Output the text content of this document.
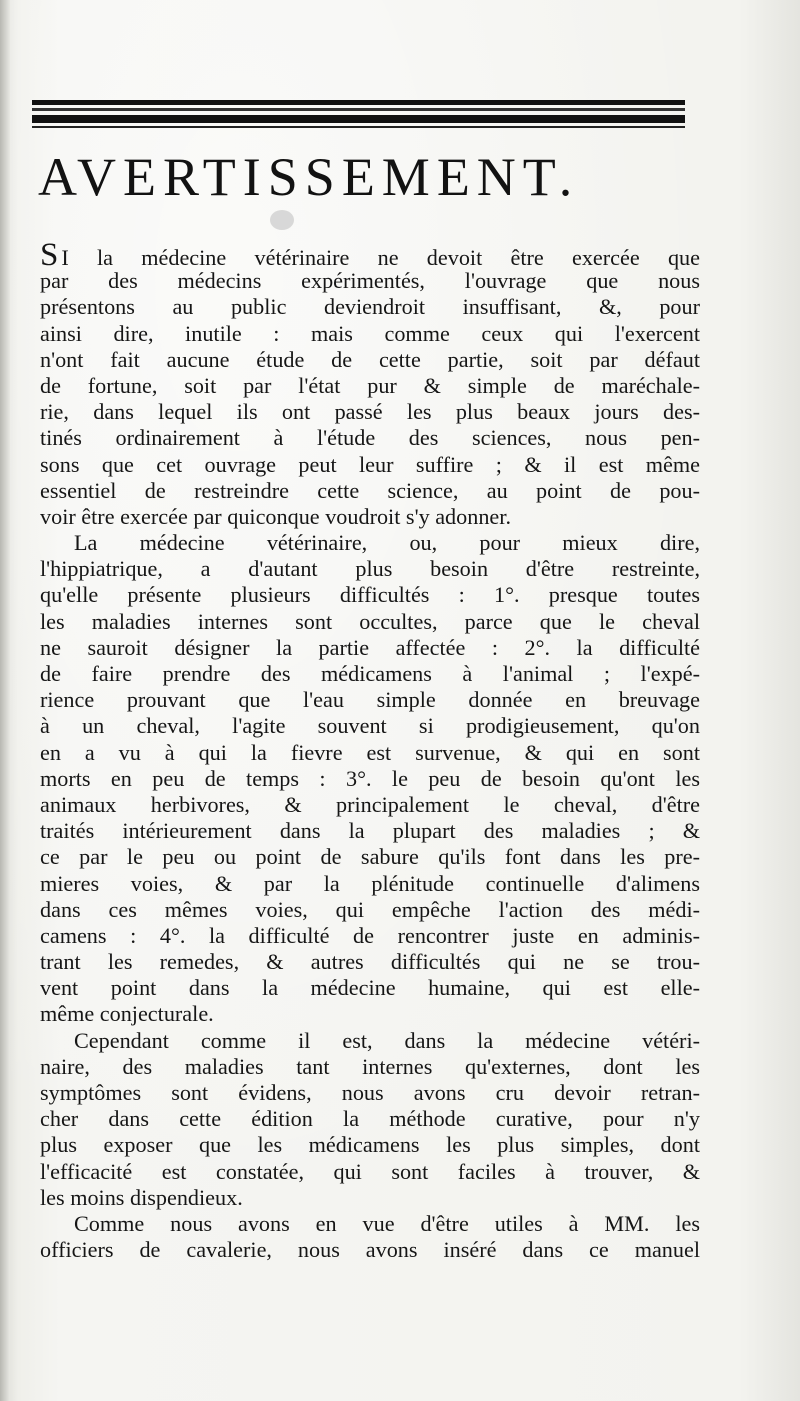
AVERTISSEMENT.
S I la médecine vétérinaire ne devoit être exercée que
par des médecins expérimentés, l'ouvrage que nous
présentons au public deviendroit insuffisant, &, pour
ainsi dire, inutile : mais comme ceux qui l'exercent
n'ont fait aucune étude de cette partie, soit par défaut
de fortune, soit par l'état pur & simple de maréchale-
rie, dans lequel ils ont passé les plus beaux jours des-
tinés ordinairement à l'étude des sciences, nous pen-
sons que cet ouvrage peut leur suffire ; & il est même
essentiel de restreindre cette science, au point de pou-
voir être exercée par quiconque voudroit s'y adonner.
La médecine vétérinaire, ou, pour mieux dire,
l'hippiatrique, a d'autant plus besoin d'être restreinte,
qu'elle présente plusieurs difficultés : 1°. presque toutes
les maladies internes sont occultes, parce que le cheval
ne sauroit désigner la partie affectée : 2°. la difficulté
de faire prendre des médicamens à l'animal ; l'expé-
rience prouvant que l'eau simple donnée en breuvage
à un cheval, l'agite souvent si prodigieusement, qu'on
en a vu à qui la fievre est survenue, & qui en sont
morts en peu de temps : 3°. le peu de besoin qu'ont les
animaux herbivores, & principalement le cheval, d'être
traités intérieurement dans la plupart des maladies ; &
ce par le peu ou point de sabure qu'ils font dans les pre-
mieres voies, & par la plénitude continuelle d'alimens
dans ces mêmes voies, qui empêche l'action des médi-
camens : 4°. la difficulté de rencontrer juste en adminis-
trant les remedes, & autres difficultés qui ne se trou-
vent point dans la médecine humaine, qui est elle-
même conjecturale.
Cependant comme il est, dans la médecine vétéri-
naire, des maladies tant internes qu'externes, dont les
symptômes sont évidens, nous avons cru devoir retran-
cher dans cette édition la méthode curative, pour n'y
plus exposer que les médicamens les plus simples, dont
l'efficacité est constatée, qui sont faciles à trouver, &
les moins dispendieux.
Comme nous avons en vue d'être utiles à MM. les
officiers de cavalerie, nous avons inséré dans ce manuel
